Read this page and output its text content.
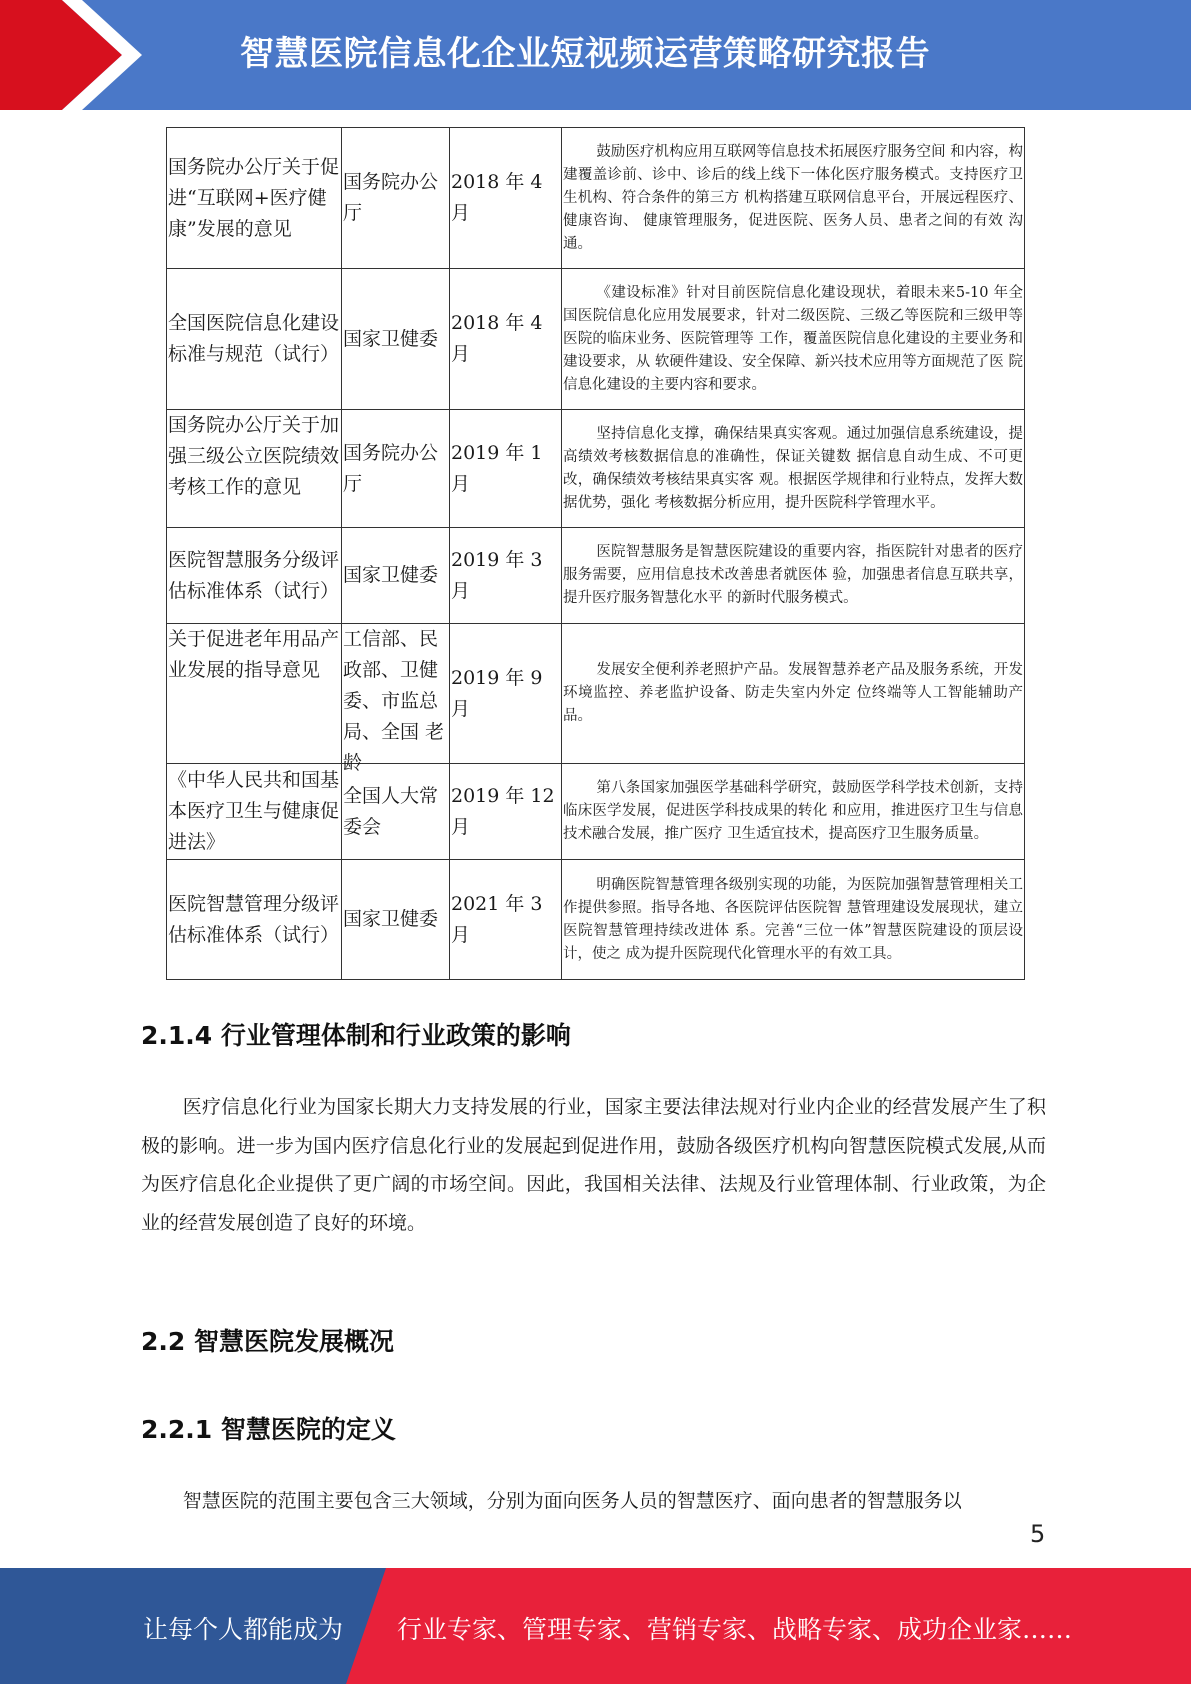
智慧医院信息化企业短视频运营策略研究报告
国务院办公厅关于促进“互联网+医疗健康”发展的意见	国务院办公厅	2018 年 4 月	鼓励医疗机构应用互联网等信息技术拓展医疗服务空间 和内容，构建覆盖诊前、诊中、诊后的线上线下一体化医疗服务模式。支持医疗卫生机构、符合条件的第三方 机构搭建互联网信息平台，开展远程医疗、健康咨询、 健康管理服务，促进医院、医务人员、患者之间的有效 沟通。
全国医院信息化建设标准与规范（试行）	国家卫健委	2018 年 4 月	《建设标准》针对目前医院信息化建设现状，着眼未来5-10 年全国医院信息化应用发展要求，针对二级医院、三级乙等医院和三级甲等医院的临床业务、医院管理等 工作，覆盖医院信息化建设的主要业务和建设要求，从 软硬件建设、安全保障、新兴技术应用等方面规范了医 院信息化建设的主要内容和要求。

国务院办公厅关于加强三级公立医院绩效考核工作的意见	国务院办公厅	2019 年 1 月	坚持信息化支撑，确保结果真实客观。通过加强信息系统建设，提高绩效考核数据信息的准确性，保证关键数 据信息自动生成、不可更改，确保绩效考核结果真实客 观。根据医学规律和行业特点，发挥大数据优势，强化 考核数据分析应用，提升医院科学管理水平。
医院智慧服务分级评估标准体系（试行）	国家卫健委	2019 年 3 月	医院智慧服务是智慧医院建设的重要内容，指医院针对患者的医疗服务需要，应用信息技术改善患者就医体 验，加强患者信息互联共享，提升医疗服务智慧化水平 的新时代服务模式。
关于促进老年用品产业发展的指导意见	工信部、民政部、卫健委、市监总 局、全国 老龄	2019 年 9 月	发展安全便利养老照护产品。发展智慧养老产品及服务系统，开发环境监控、养老监护设备、防走失室内外定 位终端等人工智能辅助产品。
《中华人民共和国基本医疗卫生与健康促进法》	全国人大常委会	2019 年 12 月	第八条国家加强医学基础科学研究，鼓励医学科学技术创新，支持临床医学发展，促进医学科技成果的转化 和应用，推进医疗卫生与信息技术融合发展，推广医疗 卫生适宜技术，提高医疗卫生服务质量。
医院智慧管理分级评估标准体系（试行）	国家卫健委	2021 年 3 月	明确医院智慧管理各级别实现的功能，为医院加强智慧管理相关工作提供参照。指导各地、各医院评估医院智 慧管理建设发展现状，建立医院智慧管理持续改进体 系。完善“三位一体”智慧医院建设的顶层设计，使之 成为提升医院现代化管理水平的有效工具。
2.1.4 行业管理体制和行业政策的影响
医疗信息化行业为国家长期大力支持发展的行业，国家主要法律法规对行业内企业的经营发展产生了积极的影响。进一步为国内医疗信息化行业的发展起到促进作用，鼓励各级医疗机构向智慧医院模式发展,从而为医疗信息化企业提供了更广阔的市场空间。因此，我国相关法律、法规及行业管理体制、行业政策，为企业的经营发展创造了良好的环境。
2.2 智慧医院发展概况
2.2.1 智慧医院的定义
智慧医院的范围主要包含三大领域，分别为面向医务人员的智慧医疗、面向患者的智慧服务以
5
让每个人都能成为 行业专家、管理专家、营销专家、战略专家、成功企业家……
